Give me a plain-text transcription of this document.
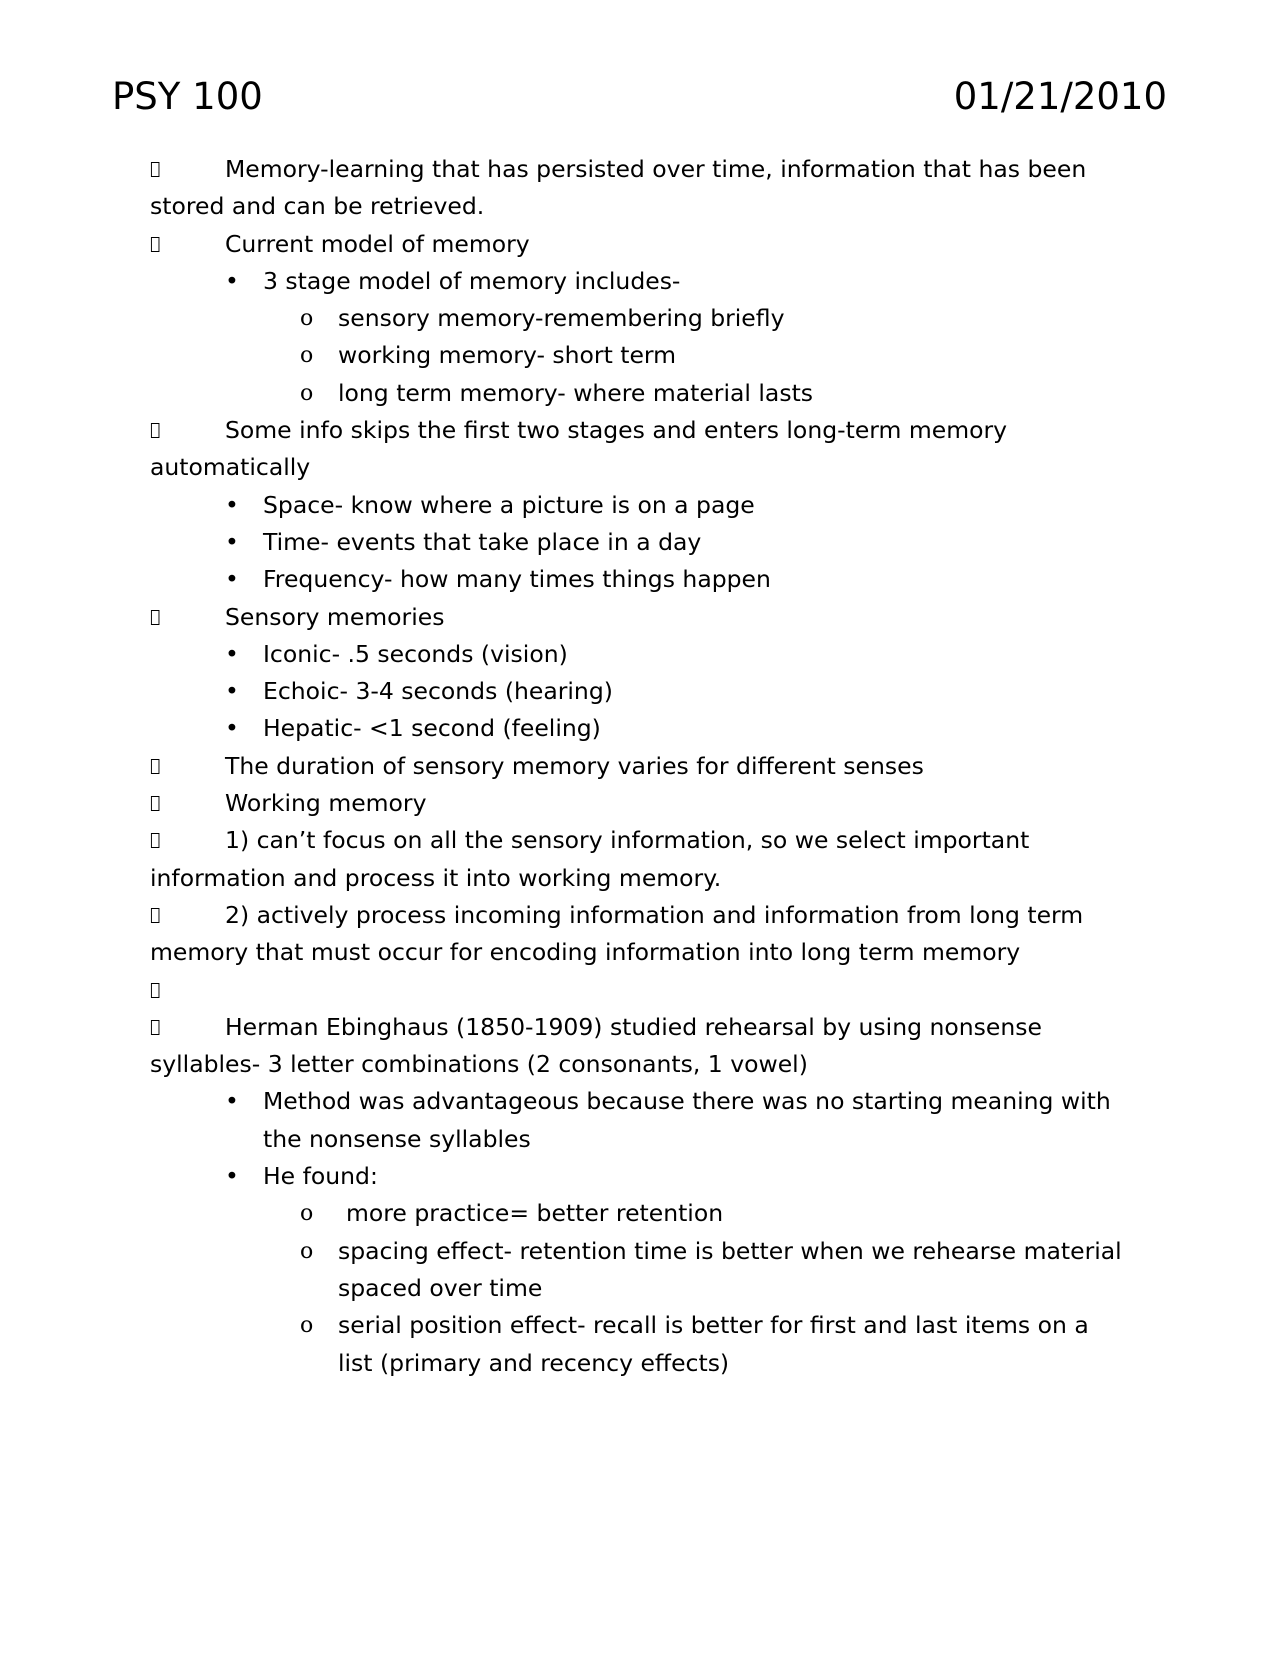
PSY 100	01/21/2010

Memory-learning that has persisted over time, information that has been stored and can be retrieved.

Current model of memory

• 3 stage model of memory includes-
o sensory memory-remembering briefly
o working memory- short term
o long term memory- where material lasts

Some info skips the first two stages and enters long-term memory automatically

• Space- know where a picture is on a page
• Time- events that take place in a day
• Frequency- how many times things happen

Sensory memories

• Iconic- .5 seconds (vision)
• Echoic- 3-4 seconds (hearing)
• Hepatic- <1 second (feeling)

The duration of sensory memory varies for different senses

Working memory

1) can’t focus on all the sensory information, so we select important information and process it into working memory.

2) actively process incoming information and information from long term memory that must occur for encoding information into long term memory

Herman Ebinghaus (1850-1909) studied rehearsal by using nonsense syllables- 3 letter combinations (2 consonants, 1 vowel)

• Method was advantageous because there was no starting meaning with the nonsense syllables
• He found:
o more practice= better retention
o spacing effect- retention time is better when we rehearse material spaced over time
o serial position effect- recall is better for first and last items on a list (primary and recency effects)
